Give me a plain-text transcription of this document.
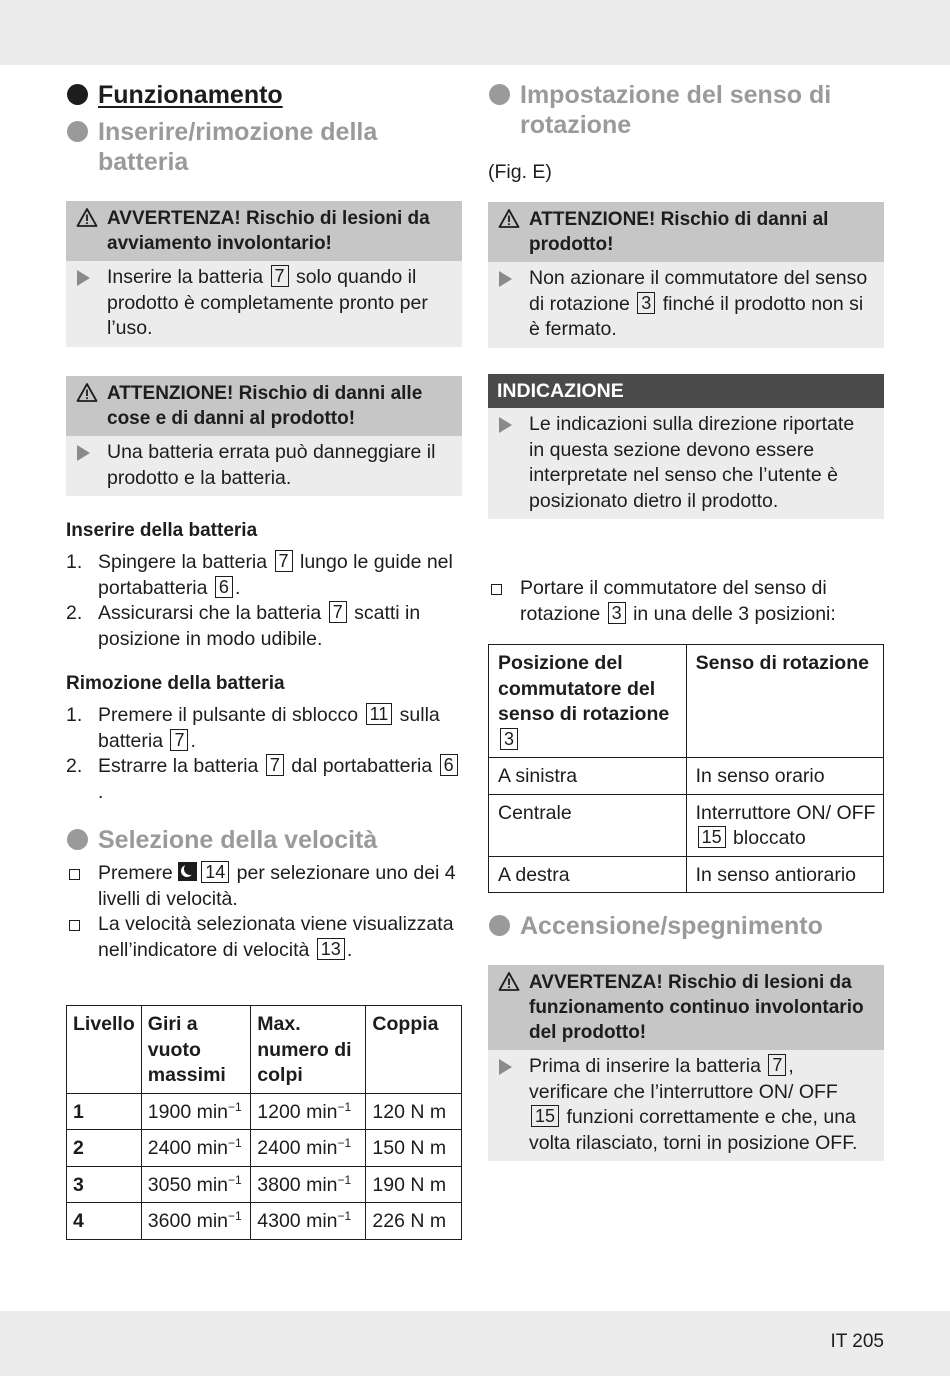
Funzionamento
Inserire/rimozione della batteria
AVVERTENZA! Rischio di lesioni da avviamento involontario!
Inserire la batteria 7 solo quando il prodotto è completamente pronto per l’uso.
ATTENZIONE! Rischio di danni alle cose e di danni al prodotto!
Una batteria errata può danneggiare il prodotto e la batteria.
Inserire della batteria
1. Spingere la batteria 7 lungo le guide nel portabatteria 6 .
2. Assicurarsi che la batteria 7 scatti in posizione in modo udibile.
Rimozione della batteria
1. Premere il pulsante di sblocco 11 sulla batteria 7 .
2. Estrarre la batteria 7 dal portabatteria 6.
Selezione della velocità
Premere 14 per selezionare uno dei 4 livelli di velocità.
La velocità selezionata viene visualizzata nell’indicatore di velocità 13 .
Livello	Giri a vuoto massimi	Max. numero di colpi	Coppia
1	1900 $\min^{-1}$	1200 $\min^{-1}$	120 N m
2	2400 $\min^{-1}$	2400 $\min^{-1}$	150 N m
3	3050 $\min^{-1}$	3800 $\min^{-1}$	190 N m
4	3600 $\min^{-1}$	4300 $\min^{-1}$	226 N m
Impostazione del senso di rotazione
(Fig. E)
ATTENZIONE! Rischio di danni al prodotto!
Non azionare il commutatore del senso di rotazione 3 finché il prodotto non si è fermato.
INDICAZIONE
Le indicazioni sulla direzione riportate in questa sezione devono essere interpretate nel senso che l’utente è posizionato dietro il prodotto.
Portare il commutatore del senso di rotazione 3 in una delle 3 posizioni:
Posizione del commutatore del senso di rotazione 3	Senso di rotazione
A sinistra	In senso orario
Centrale	Interruttore ON/ OFF 15 bloccato
A destra	In senso antiorario
Accensione/spegnimento
AVVERTENZA! Rischio di lesioni da funzionamento continuo involontario del prodotto!
Prima di inserire la batteria 7 , verificare che l’interruttore ON/ OFF 15 funzioni correttamente e che, una volta rilasciato, torni in posizione OFF.
IT 205
